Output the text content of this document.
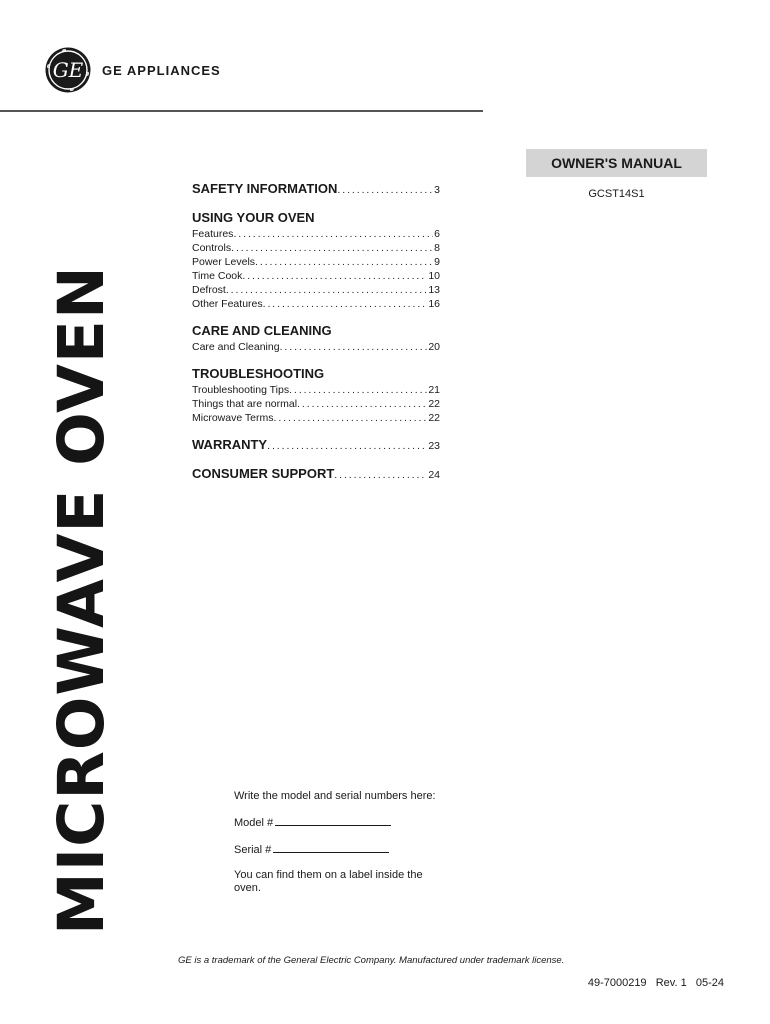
GE GE APPLIANCES
MICROWAVE OVEN
OWNER'S MANUAL
GCST14S1
SAFETY INFORMATION . . .	3
USING YOUR OVEN
Features . . .	6
Controls . . .	8
Power Levels . . .	9
Time Cook . . .	10
Defrost . . .	13
Other Features . . .	16
CARE AND CLEANING
Care and Cleaning . . .	20
TROUBLESHOOTING
Troubleshooting Tips . . .	21
Things that are normal . . .	22
Microwave Terms . . .	22
WARRANTY . . .	23
CONSUMER SUPPORT . . .	24

Write the model and serial numbers here:

Model #

Serial #

You can find them on a label inside the oven.

GE is a trademark of the General Electric Company. Manufactured under trademark license.
49-7000219   Rev. 1   05-24
